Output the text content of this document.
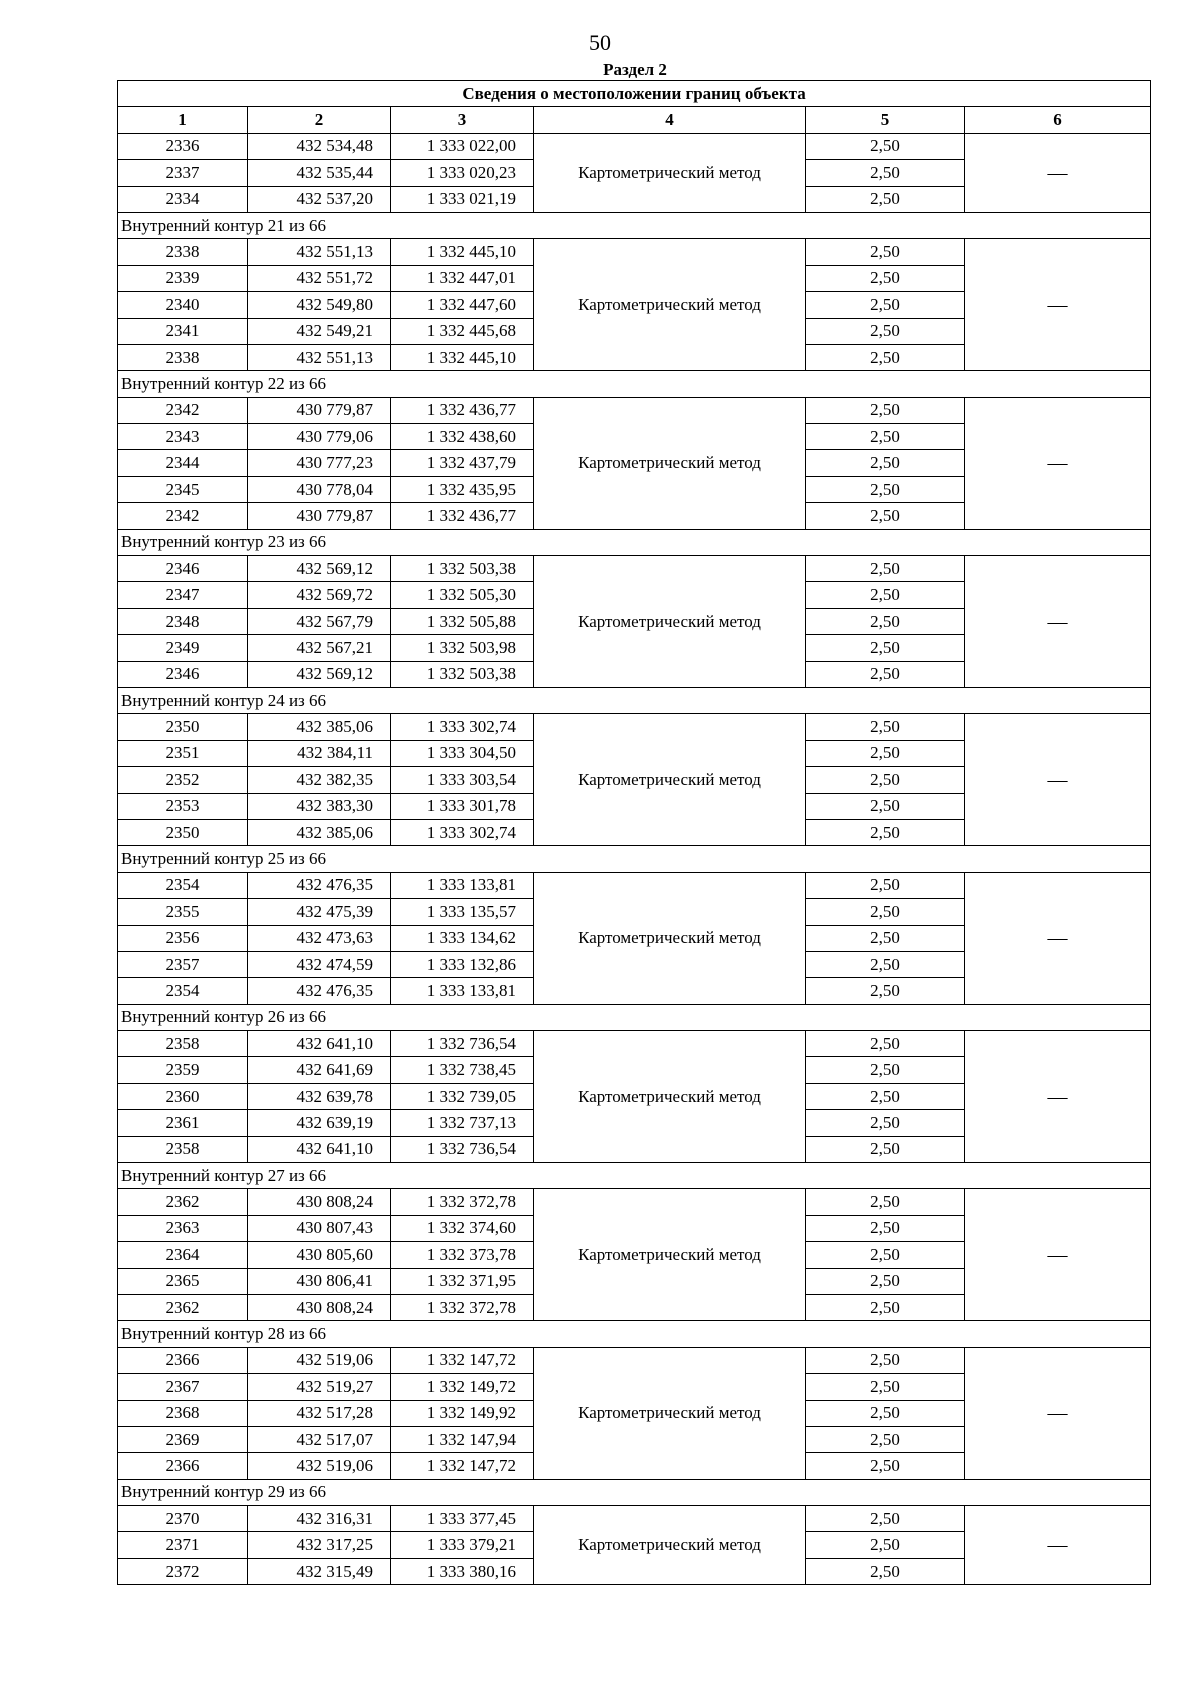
50
Раздел 2
Сведения о местоположении границ объекта					
1	2	3	4	5	6
2336	432 534,48	1 333 022,00	Картометрический метод	2,50	—
2337	432 535,44	1 333 020,23		2,50	
2334	432 537,20	1 333 021,19		2,50	
Внутренний контур 21 из 66					
2338	432 551,13	1 332 445,10	Картометрический метод	2,50	—
2339	432 551,72	1 332 447,01		2,50	
2340	432 549,80	1 332 447,60		2,50	
2341	432 549,21	1 332 445,68		2,50	
2338	432 551,13	1 332 445,10		2,50	
Внутренний контур 22 из 66					
2342	430 779,87	1 332 436,77	Картометрический метод	2,50	—
2343	430 779,06	1 332 438,60		2,50	
2344	430 777,23	1 332 437,79		2,50	
2345	430 778,04	1 332 435,95		2,50	
2342	430 779,87	1 332 436,77		2,50	
Внутренний контур 23 из 66					
2346	432 569,12	1 332 503,38	Картометрический метод	2,50	—
2347	432 569,72	1 332 505,30		2,50	
2348	432 567,79	1 332 505,88		2,50	
2349	432 567,21	1 332 503,98		2,50	
2346	432 569,12	1 332 503,38		2,50	
Внутренний контур 24 из 66					
2350	432 385,06	1 333 302,74	Картометрический метод	2,50	—
2351	432 384,11	1 333 304,50		2,50	
2352	432 382,35	1 333 303,54		2,50	
2353	432 383,30	1 333 301,78		2,50	
2350	432 385,06	1 333 302,74		2,50	
Внутренний контур 25 из 66					
2354	432 476,35	1 333 133,81	Картометрический метод	2,50	—
2355	432 475,39	1 333 135,57		2,50	
2356	432 473,63	1 333 134,62		2,50	
2357	432 474,59	1 333 132,86		2,50	
2354	432 476,35	1 333 133,81		2,50	
Внутренний контур 26 из 66					
2358	432 641,10	1 332 736,54	Картометрический метод	2,50	—
2359	432 641,69	1 332 738,45		2,50	
2360	432 639,78	1 332 739,05		2,50	
2361	432 639,19	1 332 737,13		2,50	
2358	432 641,10	1 332 736,54		2,50	
Внутренний контур 27 из 66					
2362	430 808,24	1 332 372,78	Картометрический метод	2,50	—
2363	430 807,43	1 332 374,60		2,50	
2364	430 805,60	1 332 373,78		2,50	
2365	430 806,41	1 332 371,95		2,50	
2362	430 808,24	1 332 372,78		2,50	
Внутренний контур 28 из 66					
2366	432 519,06	1 332 147,72	Картометрический метод	2,50	—
2367	432 519,27	1 332 149,72		2,50	
2368	432 517,28	1 332 149,92		2,50	
2369	432 517,07	1 332 147,94		2,50	
2366	432 519,06	1 332 147,72		2,50	
Внутренний контур 29 из 66					
2370	432 316,31	1 333 377,45	Картометрический метод	2,50	—
2371	432 317,25	1 333 379,21		2,50	
2372	432 315,49	1 333 380,16		2,50	
